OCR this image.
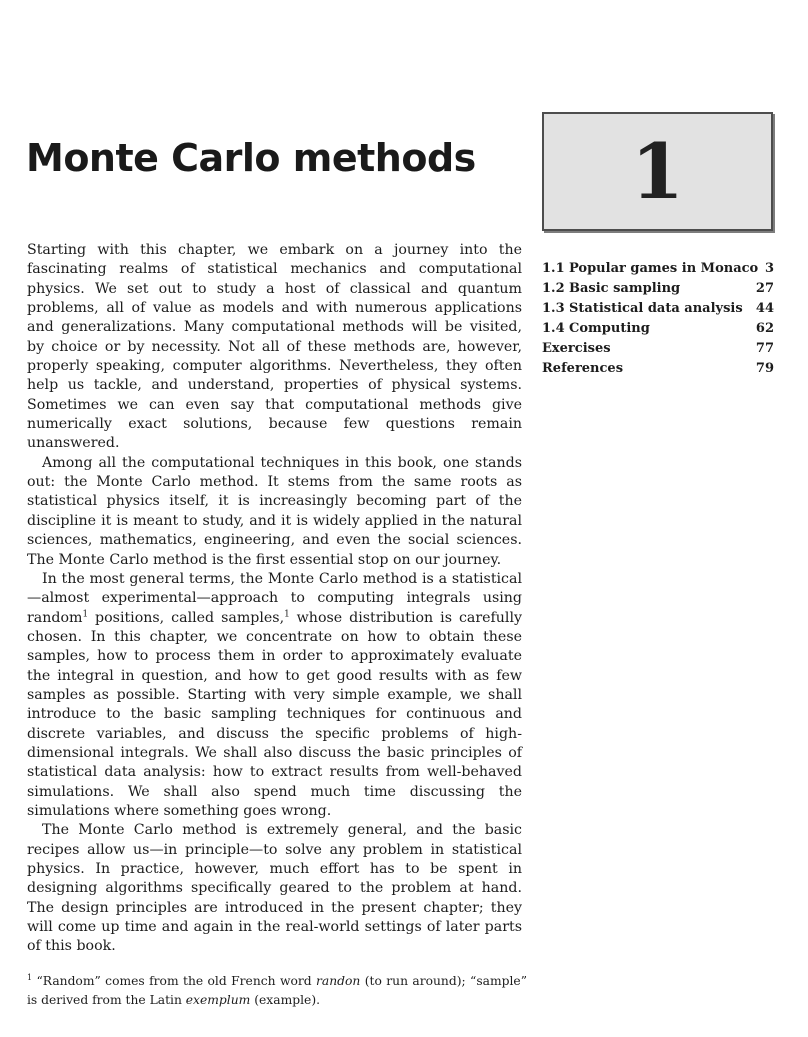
Monte Carlo methods 1
1.1 Popular games in Monaco 3
1.2 Basic sampling	27
1.3 Statistical data analysis	44
1.4 Computing	62
Exercises	77
References	79

Starting with this chapter, we embark on a journey into the fascinating realms of statistical mechanics and computational physics. We set out to study a host of classical and quantum problems, all of value as models and with numerous applications and generalizations. Many computational methods will be visited, by choice or by necessity. Not all of these methods are, however, properly speaking, computer algorithms. Nevertheless, they often help us tackle, and understand, properties of physical systems. Sometimes we can even say that computational methods give numerically exact solutions, because few questions remain unanswered.

Among all the computational techniques in this book, one stands out: the Monte Carlo method. It stems from the same roots as statistical physics itself, it is increasingly becoming part of the discipline it is meant to study, and it is widely applied in the natural sciences, mathematics, engineering, and even the social sciences. The Monte Carlo method is the first essential stop on our journey.

In the most general terms, the Monte Carlo method is a statistical—almost experimental—approach to computing integrals using random$^1$ positions, called samples,$^1$ whose distribution is carefully chosen. In this chapter, we concentrate on how to obtain these samples, how to process them in order to approximately evaluate the integral in question, and how to get good results with as few samples as possible. Starting with very simple example, we shall introduce to the basic sampling techniques for continuous and discrete variables, and discuss the specific problems of high-dimensional integrals. We shall also discuss the basic principles of statistical data analysis: how to extract results from well-behaved simulations. We shall also spend much time discussing the simulations where something goes wrong.

The Monte Carlo method is extremely general, and the basic recipes allow us—in principle—to solve any problem in statistical physics. In practice, however, much effort has to be spent in designing algorithms specifically geared to the problem at hand. The design principles are introduced in the present chapter; they will come up time and again in the real-world settings of later parts of this book.

$^1$ “Random” comes from the old French word randon (to run around); “sample” is derived from the Latin exemplum (example).
